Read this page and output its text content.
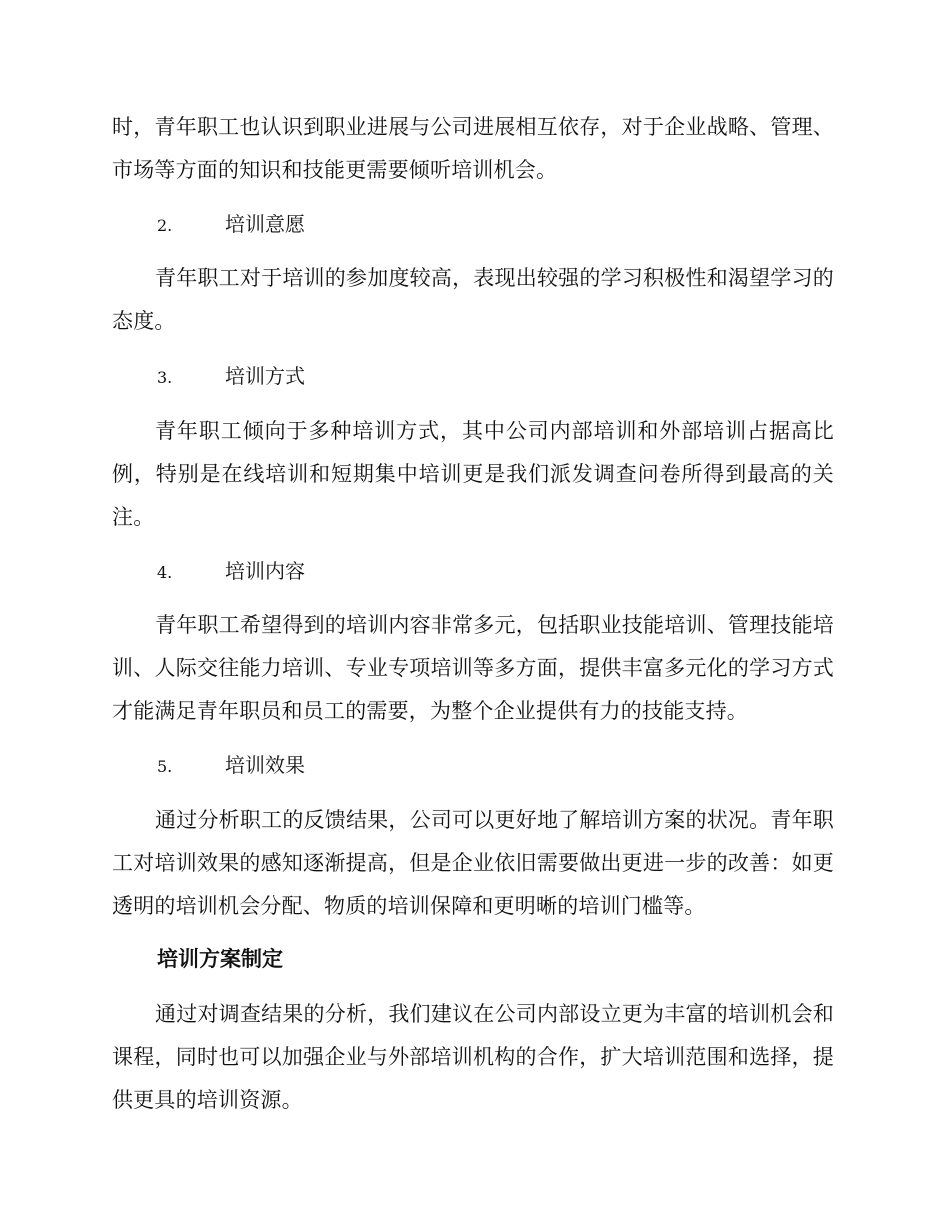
时，青年职工也认识到职业进展与公司进展相互依存，对于企业战略、管理、市场等方面的知识和技能更需要倾听培训机会。

2.	培训意愿

青年职工对于培训的参加度较高，表现出较强的学习积极性和渴望学习的态度。

3.	培训方式

青年职工倾向于多种培训方式，其中公司内部培训和外部培训占据高比例，特别是在线培训和短期集中培训更是我们派发调查问卷所得到最高的关注。

4.	培训内容

青年职工希望得到的培训内容非常多元，包括职业技能培训、管理技能培训、人际交往能力培训、专业专项培训等多方面，提供丰富多元化的学习方式才能满足青年职员和员工的需要，为整个企业提供有力的技能支持。

5.	培训效果

通过分析职工的反馈结果，公司可以更好地了解培训方案的状况。青年职工对培训效果的感知逐渐提高，但是企业依旧需要做出更进一步的改善：如更透明的培训机会分配、物质的培训保障和更明晰的培训门槛等。

培训方案制定

通过对调查结果的分析，我们建议在公司内部设立更为丰富的培训机会和课程，同时也可以加强企业与外部培训机构的合作，扩大培训范围和选择，提供更具的培训资源。
